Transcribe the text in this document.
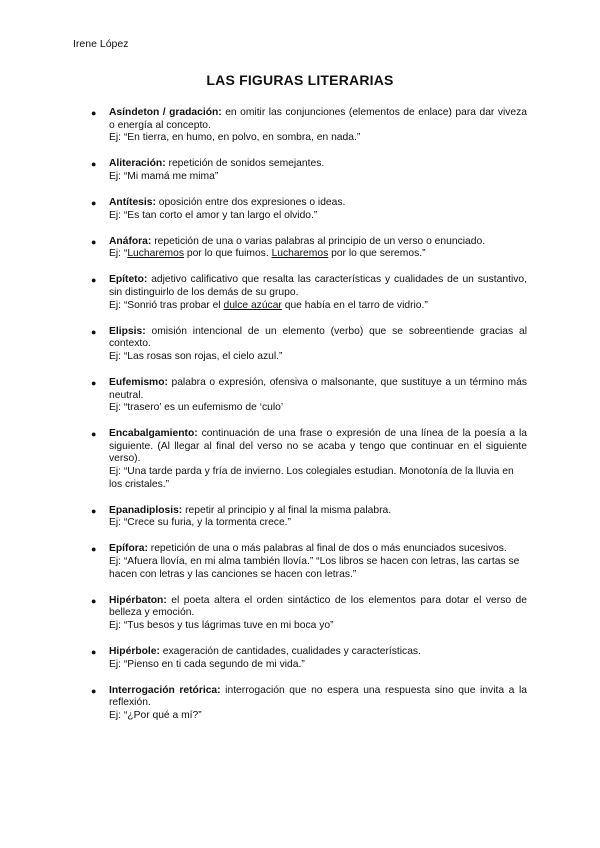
Irene López
LAS FIGURAS LITERARIAS
● Asíndeton / gradación: en omitir las conjunciones (elementos de enlace) para dar viveza o energía al concepto.
Ej: “En tierra, en humo, en polvo, en sombra, en nada.”
● Aliteración: repetición de sonidos semejantes.
Ej: “Mi mamá me mima”
● Antítesis: oposición entre dos expresiones o ideas.
Ej: “Es tan corto el amor y tan largo el olvido.”
● Anáfora: repetición de una o varias palabras al principio de un verso o enunciado.
Ej: “Lucharemos por lo que fuimos. Lucharemos por lo que seremos.”
● Epíteto: adjetivo calificativo que resalta las características y cualidades de un sustantivo, sin distinguirlo de los demás de su grupo.
Ej: “Sonrió tras probar el dulce azúcar que había en el tarro de vidrio.”
● Elipsis: omisión intencional de un elemento (verbo) que se sobreentiende gracias al contexto.
Ej: “Las rosas son rojas, el cielo azul.”
● Eufemismo: palabra o expresión, ofensiva o malsonante, que sustituye a un término más neutral.
Ej: “trasero’ es un eufemismo de ‘culo’
● Encabalgamiento: continuación de una frase o expresión de una línea de la poesía a la siguiente. (Al llegar al final del verso no se acaba y tengo que continuar en el siguiente verso).
Ej: “Una tarde parda y fría de invierno. Los colegiales estudian. Monotonía de la lluvia en los cristales.”
● Epanadiplosis: repetir al principio y al final la misma palabra.
Ej: “Crece su furia, y la tormenta crece.”
● Epífora: repetición de una o más palabras al final de dos o más enunciados sucesivos.
Ej: “Afuera llovía, en mi alma también llovía.” “Los libros se hacen con letras, las cartas se hacen con letras y las canciones se hacen con letras.”
● Hipérbaton: el poeta altera el orden sintáctico de los elementos para dotar el verso de belleza y emoción.
Ej: “Tus besos y tus lágrimas tuve en mi boca yo”
● Hipérbole: exageración de cantidades, cualidades y características.
Ej: “Pienso en ti cada segundo de mi vida.”
● Interrogación retórica: interrogación que no espera una respuesta sino que invita a la reflexión.
Ej: “¿Por qué a mí?”
